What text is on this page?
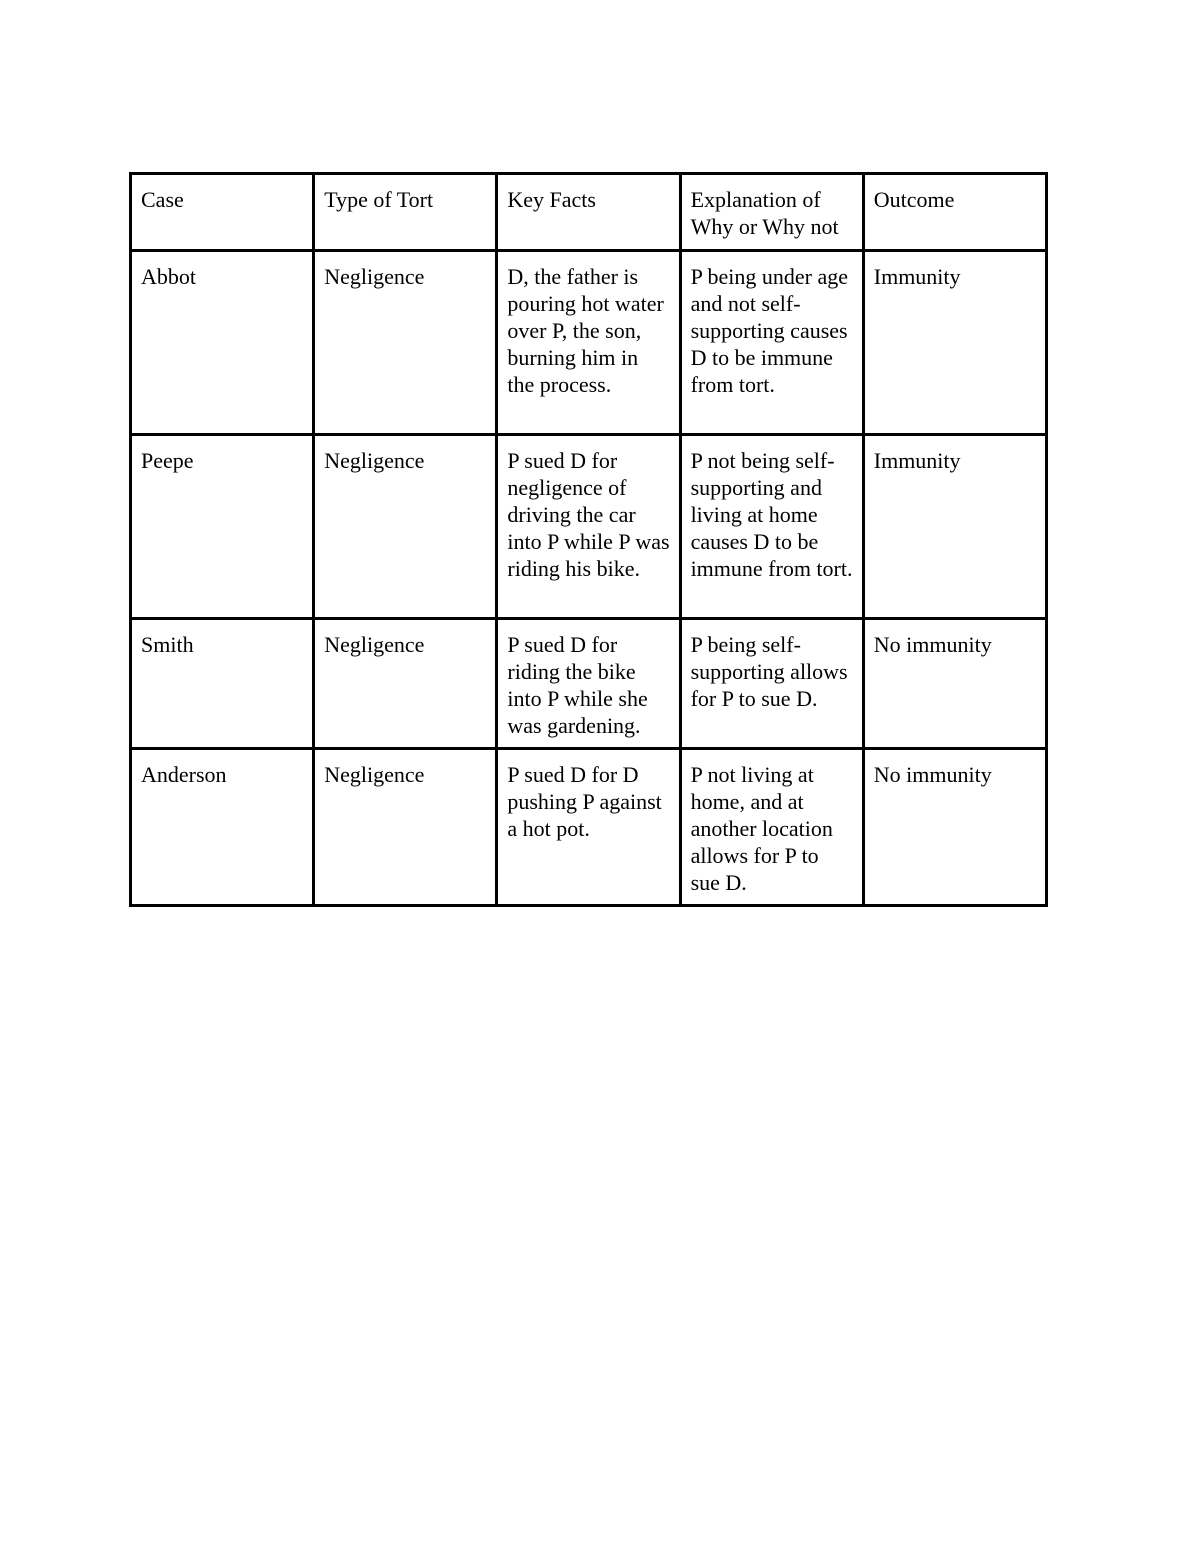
Case	Type of Tort	Key Facts	Explanation of Why or Why not	Outcome
Abbot	Negligence	D, the father is pouring hot water over P, the son, burning him in the process.	P being under age and not self-supporting causes D to be immune from tort.	Immunity
Peepe	Negligence	P sued D for negligence of driving the car into P while P was riding his bike.	P not being self-supporting and living at home causes D to be immune from tort.	Immunity
Smith	Negligence	P sued D for riding the bike into P while she was gardening.	P being self-supporting allows for P to sue D.	No immunity
Anderson	Negligence	P sued D for D pushing P against a hot pot.	P not living at home, and at another location allows for P to sue D.	No immunity
